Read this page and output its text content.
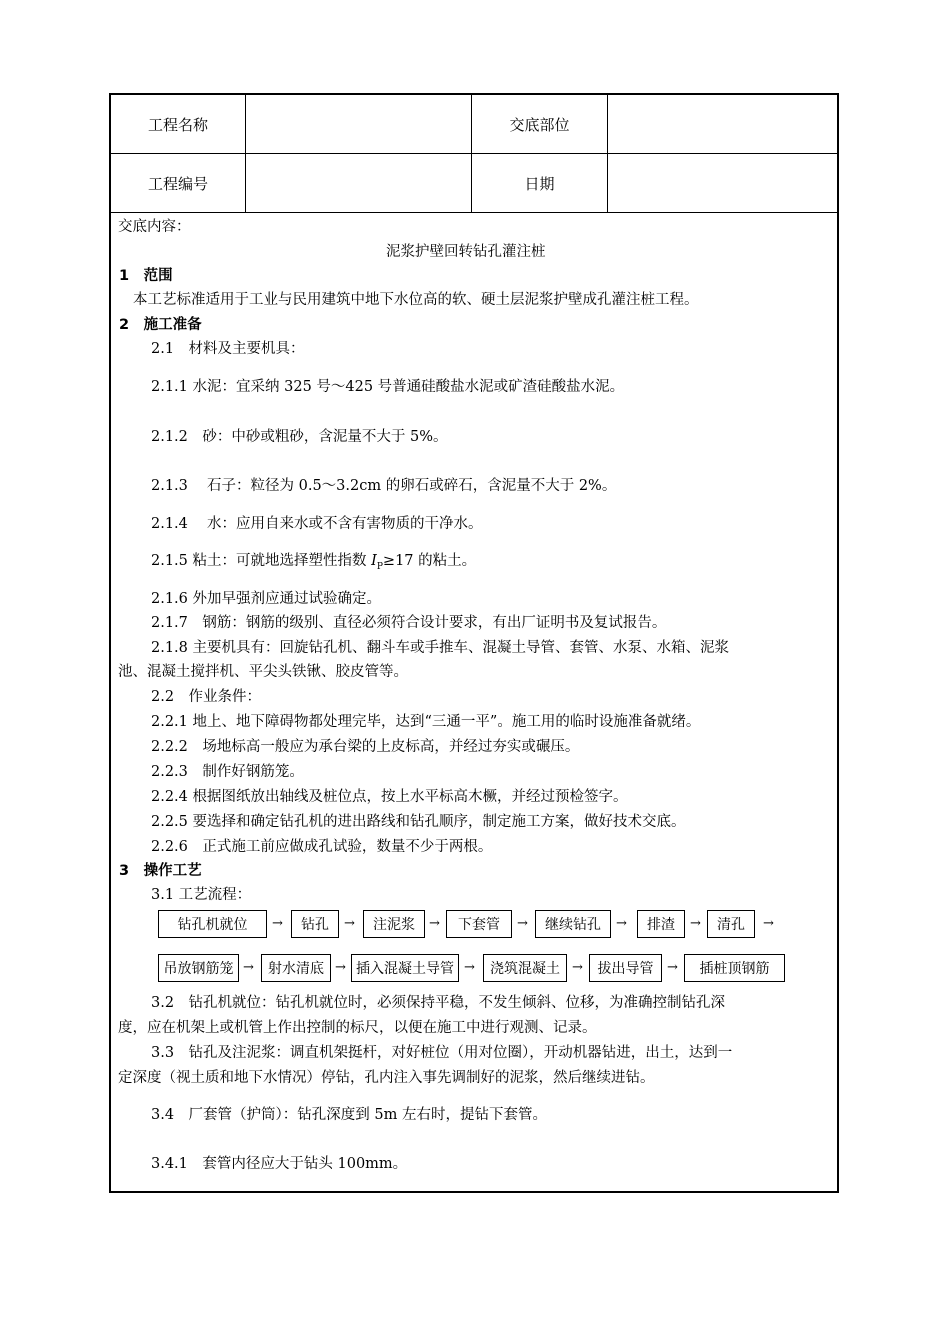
工程名称	交底部位
工程编号	日期
交底内容：
泥浆护壁回转钻孔灌注桩
1　范围
本工艺标准适用于工业与民用建筑中地下水位高的软、硬土层泥浆护壁成孔灌注桩工程。
2　施工准备
2.1　材料及主要机具：
2.1.1 水泥：宜采纳 325 号～425 号普通硅酸盐水泥或矿渣硅酸盐水泥。
2.1.2　砂：中砂或粗砂，含泥量不大于 5%。
2.1.3　 石子：粒径为 0.5～3.2cm 的卵石或碎石，含泥量不大于 2%。
2.1.4　 水：应用自来水或不含有害物质的干净水。
2.1.5 粘土：可就地选择塑性指数 $I_P\ge 17$ 的粘土。
2.1.6 外加早强剂应通过试验确定。
2.1.7　钢筋：钢筋的级别、直径必须符合设计要求，有出厂证明书及复试报告。
2.1.8 主要机具有：回旋钻孔机、翻斗车或手推车、混凝土导管、套管、水泵、水箱、泥浆
池、混凝土搅拌机、平尖头铁锹、胶皮管等。
2.2　作业条件：
2.2.1 地上、地下障碍物都处理完毕，达到“三通一平”。施工用的临时设施准备就绪。
2.2.2　场地标高一般应为承台梁的上皮标高，并经过夯实或碾压。
2.2.3　制作好钢筋笼。
2.2.4 根据图纸放出轴线及桩位点，按上水平标高木橛，并经过预检签字。
2.2.5 要选择和确定钻孔机的进出路线和钻孔顺序，制定施工方案，做好技术交底。
2.2.6　正式施工前应做成孔试验，数量不少于两根。
3　操作工艺
3.1 工艺流程：
钻孔机就位	→	钻孔	→	注泥浆	→	下套管	→	继续钻孔	→	排渣	→	清孔	→
吊放钢筋笼 →	射水清底 → 插入混凝土导管 →	浇筑混凝土 →	拔出导管	→	插桩顶钢筋
3.2　钻孔机就位：钻孔机就位时，必须保持平稳，不发生倾斜、位移，为准确控制钻孔深
度，应在机架上或机管上作出控制的标尺，以便在施工中进行观测、记录。
3.3　钻孔及注泥浆：调直机架挺杆，对好桩位（用对位圈），开动机器钻进，出土，达到一
定深度（视土质和地下水情况）停钻，孔内注入事先调制好的泥浆，然后继续进钻。
3.4　厂套管（护筒）：钻孔深度到 5m 左右时，提钻下套管。
3.4.1　套管内径应大于钻头 100mm。
